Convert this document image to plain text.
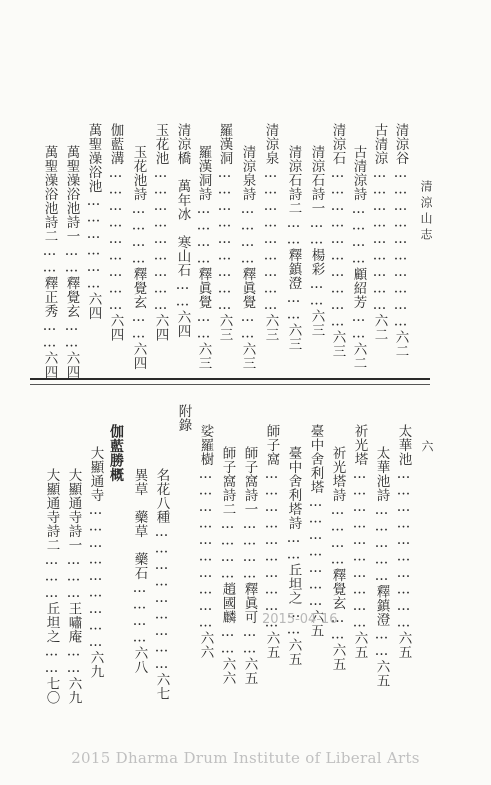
清涼山志
六
清涼谷…………………………六二
古清涼………………………六二
古清涼詩…………顧紹芳……六二
清涼石…………………………六三
清涼石詩一……楊彩……六三
清涼石詩二……釋鎮澄……六三
清涼泉………………………六三
清涼泉詩…………釋眞覺……六三
羅漢洞………………………六三
羅漢洞詩…………釋眞覺……六三
清涼橋　萬年冰　寒山石……六四
玉花池………………………六四
玉花池詩…………釋覺玄……六四
伽藍溝………………………六四
萬聖澡浴池………………六四
萬聖澡浴池詩一……釋覺玄……六四
萬聖澡浴池詩二……釋正秀……六四
太華池…………………………六五
太華池詩……………釋鎮澄……六五
祈光塔…………………………六五
祈光塔詩…………釋覺玄……六五
臺中舍利塔…………………六五
臺中舍利塔詩……丘坦之……六五
師子窩…………………………六五
師子窩詩一…………釋眞可……六五
師子窩詩二…………趙國麟……六六
娑羅樹…………………………六六
附錄
名花八種………………………六七
異草　藥草　藥石…………六八
伽藍勝概
大顯通寺………………………六九
大顯通寺詩一………王嘯庵……六九
大顯通寺詩二………丘坦之……七〇	2015-04-16
2015 Dharma Drum Institute of Liberal Arts
